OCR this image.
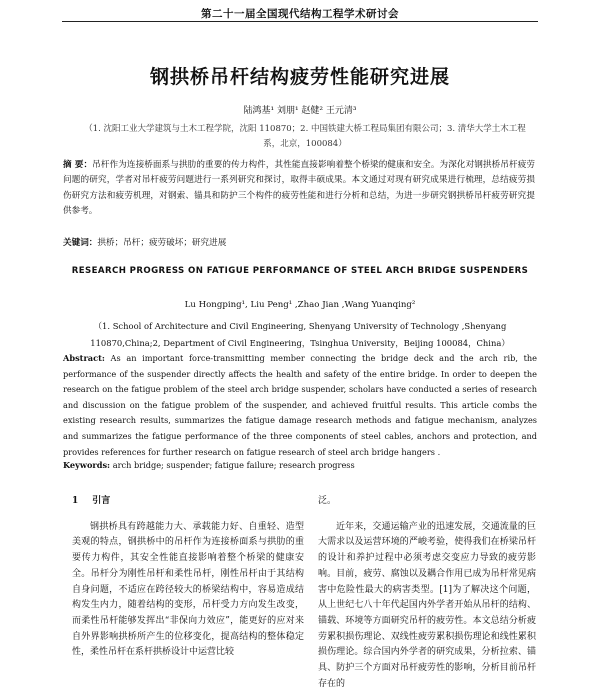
第二十一届全国现代结构工程学术研讨会
钢拱桥吊杆结构疲劳性能研究进展
陆鸿基¹ 刘朋¹ 赵健² 王元清³
（1. 沈阳工业大学建筑与土木工程学院，沈阳 110870；2. 中国铁建大桥工程局集团有限公司；3. 清华大学土木工程系，北京，100084）
摘 要：吊杆作为连接桥面系与拱肋的重要的传力构件，其性能直接影响着整个桥梁的健康和安全。为深化对钢拱桥吊杆疲劳问题的研究，学者对吊杆疲劳问题进行一系列研究和探讨，取得丰硕成果。本文通过对现有研究成果进行梳理，总结疲劳损伤研究方法和疲劳机理，对钢索、锚具和防护三个构件的疲劳性能和进行分析和总结，为进一步研究钢拱桥吊杆疲劳研究提供参考。
关键词：拱桥；吊杆；疲劳破坏；研究进展
RESEARCH PROGRESS ON FATIGUE PERFORMANCE OF STEEL ARCH BRIDGE SUSPENDERS
Lu Hongping¹, Liu Peng¹ ,Zhao Jian ,Wang Yuanqing²
（1. School of Architecture and Civil Engineering, Shenyang University of Technology ,Shenyang 110870,China;2, Department of Civil Engineering，Tsinghua University，Beijing 100084，China）
Abstract: As an important force-transmitting member connecting the bridge deck and the arch rib, the performance of the suspender directly affects the health and safety of the entire bridge. In order to deepen the research on the fatigue problem of the steel arch bridge suspender, scholars have conducted a series of research and discussion on the fatigue problem of the suspender, and achieved fruitful results. This article combs the existing research results, summarizes the fatigue damage research methods and fatigue mechanism, analyzes and summarizes the fatigue performance of the three components of steel cables, anchors and protection, and provides references for further research on fatigue research of steel arch bridge hangers .
Keywords: arch bridge; suspender; fatigue failure; research progress
1 引言

钢拱桥具有跨越能力大、承载能力好、自重轻、造型美观的特点，钢拱桥中的吊杆作为连接桥面系与拱肋的重要传力构件，其安全性能直接影响着整个桥梁的健康安全。吊杆分为刚性吊杆和柔性吊杆，刚性吊杆由于其结构自身问题，不适应在跨径较大的桥梁结构中，容易造成结构发生内力，随着结构的变形，吊杆受力方向发生改变，而柔性吊杆能够发挥出“非保向力效应”，能更好的应对来自外界影响拱桥所产生的位移变化，提高结构的整体稳定性，柔性吊杆在系杆拱桥设计中运营比较

泛。

近年来，交通运输产业的迅速发展，交通流量的巨大需求以及运营环境的严峻考验，使得我们在桥梁吊杆的设计和养护过程中必须考虑交变应力导致的疲劳影响。目前，疲劳、腐蚀以及耦合作用已成为吊杆常见病害中危险性最大的病害类型。[1]为了解决这个问题，从上世纪七八十年代起国内外学者开始从吊杆的结构、锚载、环境等方面研究吊杆的疲劳性。本文总结分析疲劳累积损伤理论、双线性疲劳累积损伤理论和线性累积损伤理论。综合国内外学者的研究成果，分析拉索、锚具、防护三个方面对吊杆疲劳性的影响，分析目前吊杆存在的
